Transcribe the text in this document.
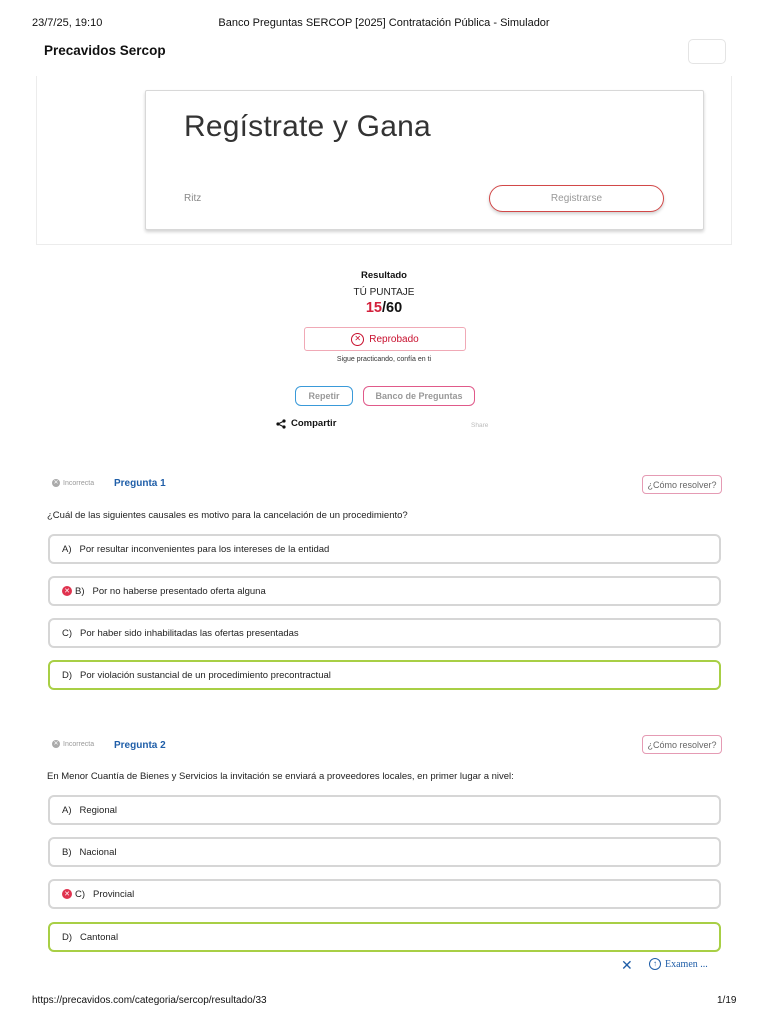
23/7/25, 19:10	Banco Preguntas SERCOP [2025] Contratación Pública - Simulador
Precavidos Sercop
Regístrate y Gana
Ritz	Registrarse
Resultado
TÚ PUNTAJE
15/60
✕ Reprobado
Sigue practicando, confía en ti
Repetir	Banco de Preguntas
Compartir	Share
✕ Incorrecta Pregunta 1	¿Cómo resolver?
¿Cuál de las siguientes causales es motivo para la cancelación de un procedimiento?
A) Por resultar inconvenientes para los intereses de la entidad
✕ B) Por no haberse presentado oferta alguna
C) Por haber sido inhabilitadas las ofertas presentadas
D) Por violación sustancial de un procedimiento precontractual
✕ Incorrecta Pregunta 2	¿Cómo resolver?
En Menor Cuantía de Bienes y Servicios la invitación se enviará a proveedores locales, en primer lugar a nivel:
A) Regional
B) Nacional
✕ C) Provincial
D) Cantonal
✕	↑ Examen ...
https://precavidos.com/categoria/sercop/resultado/33	1/19
